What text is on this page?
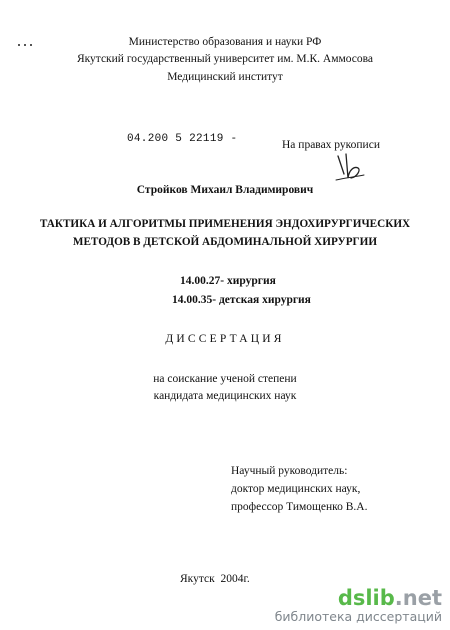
Министерство образования и науки РФ
Якутский государственный университет им. М.К. Аммосова
Медицинский институт
04.200 5 22119 -	На правах рукописи
Стройков Михаил Владимирович
ТАКТИКА И АЛГОРИТМЫ ПРИМЕНЕНИЯ ЭНДОХИРУРГИЧЕСКИХ
МЕТОДОВ В ДЕТСКОЙ АБДОМИНАЛЬНОЙ ХИРУРГИИ
14.00.27- хирургия
14.00.35- детская хирургия
ДИССЕРТАЦИЯ
на соискание ученой степени
кандидата медицинских наук
Научный руководитель:
доктор медицинских наук,
профессор Тимощенко В.А.
Якутск  2004г.
dslib.net
библиотека диссертаций
